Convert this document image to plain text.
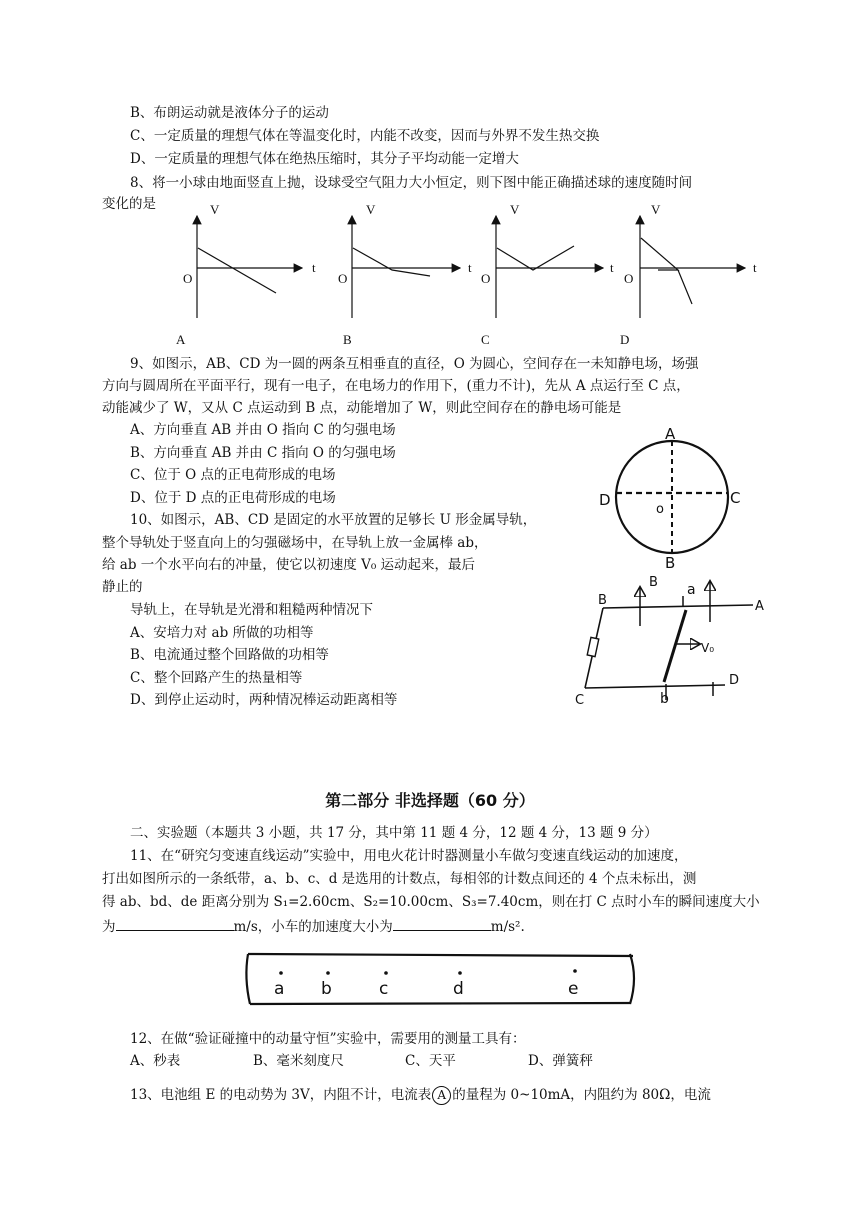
B、布朗运动就是液体分子的运动
C、一定质量的理想气体在等温变化时，内能不改变，因而与外界不发生热交换
D、一定质量的理想气体在绝热压缩时，其分子平均动能一定增大
8、将一小球由地面竖直上抛，设球受空气阻力大小恒定，则下图中能正确描述球的速度随时间
变化的是	V
t
O
A
V
t
O
B
V
t
O
C
V
t
O
D
9、如图示，AB、CD 为一圆的两条互相垂直的直径，O 为圆心，空间存在一未知静电场，场强
方向与圆周所在平面平行，现有一电子，在电场力的作用下，(重力不计)，先从 A 点运行至 C 点，
动能减少了 W，又从 C 点运动到 B 点，动能增加了 W，则此空间存在的静电场可能是
A、方向垂直 AB 并由 O 指向 C 的匀强电场
B、方向垂直 AB 并由 C 指向 O 的匀强电场
C、位于 O 点的正电荷形成的电场
D、位于 D 点的正电荷形成的电场
A
B
C
D
o
10、如图示，AB、CD 是固定的水平放置的足够长 U 形金属导轨，
整个导轨处于竖直向上的匀强磁场中，在导轨上放一金属棒 ab，
给 ab 一个水平向右的冲量，使它以初速度 V₀ 运动起来，最后
静止的
导轨上，在导轨是光滑和粗糙两种情况下
A、安培力对 ab 所做的功相等
B、电流通过整个回路做的功相等
C、整个回路产生的热量相等
D、到停止运动时，两种情况棒运动距离相等
B a
b
A
B
C
D
V₀
第二部分 非选择题（60 分）
二、实验题（本题共 3 小题，共 17 分，其中第 11 题 4 分，12 题 4 分，13 题 9 分）
11、在“研究匀变速直线运动”实验中，用电火花计时器测量小车做匀变速直线运动的加速度，
打出如图所示的一条纸带，a、b、c、d 是选用的计数点，每相邻的计数点间还的 4 个点未标出，测
得 ab、bd、de 距离分别为 S₁=2.60cm、S₂=10.00cm、S₃=7.40cm，则在打 C 点时小车的瞬间速度大小
为	m/s，小车的加速度大小为	m/s².
a b	c	d	e
12、在做“验证碰撞中的动量守恒”实验中，需要用的测量工具有：
A、秒表	B、毫米刻度尺	C、天平	D、弹簧秤
13、电池组 E 的电动势为 3V，内阻不计，电流表 A 的量程为 0~10mA，内阻约为 80Ω，电流
